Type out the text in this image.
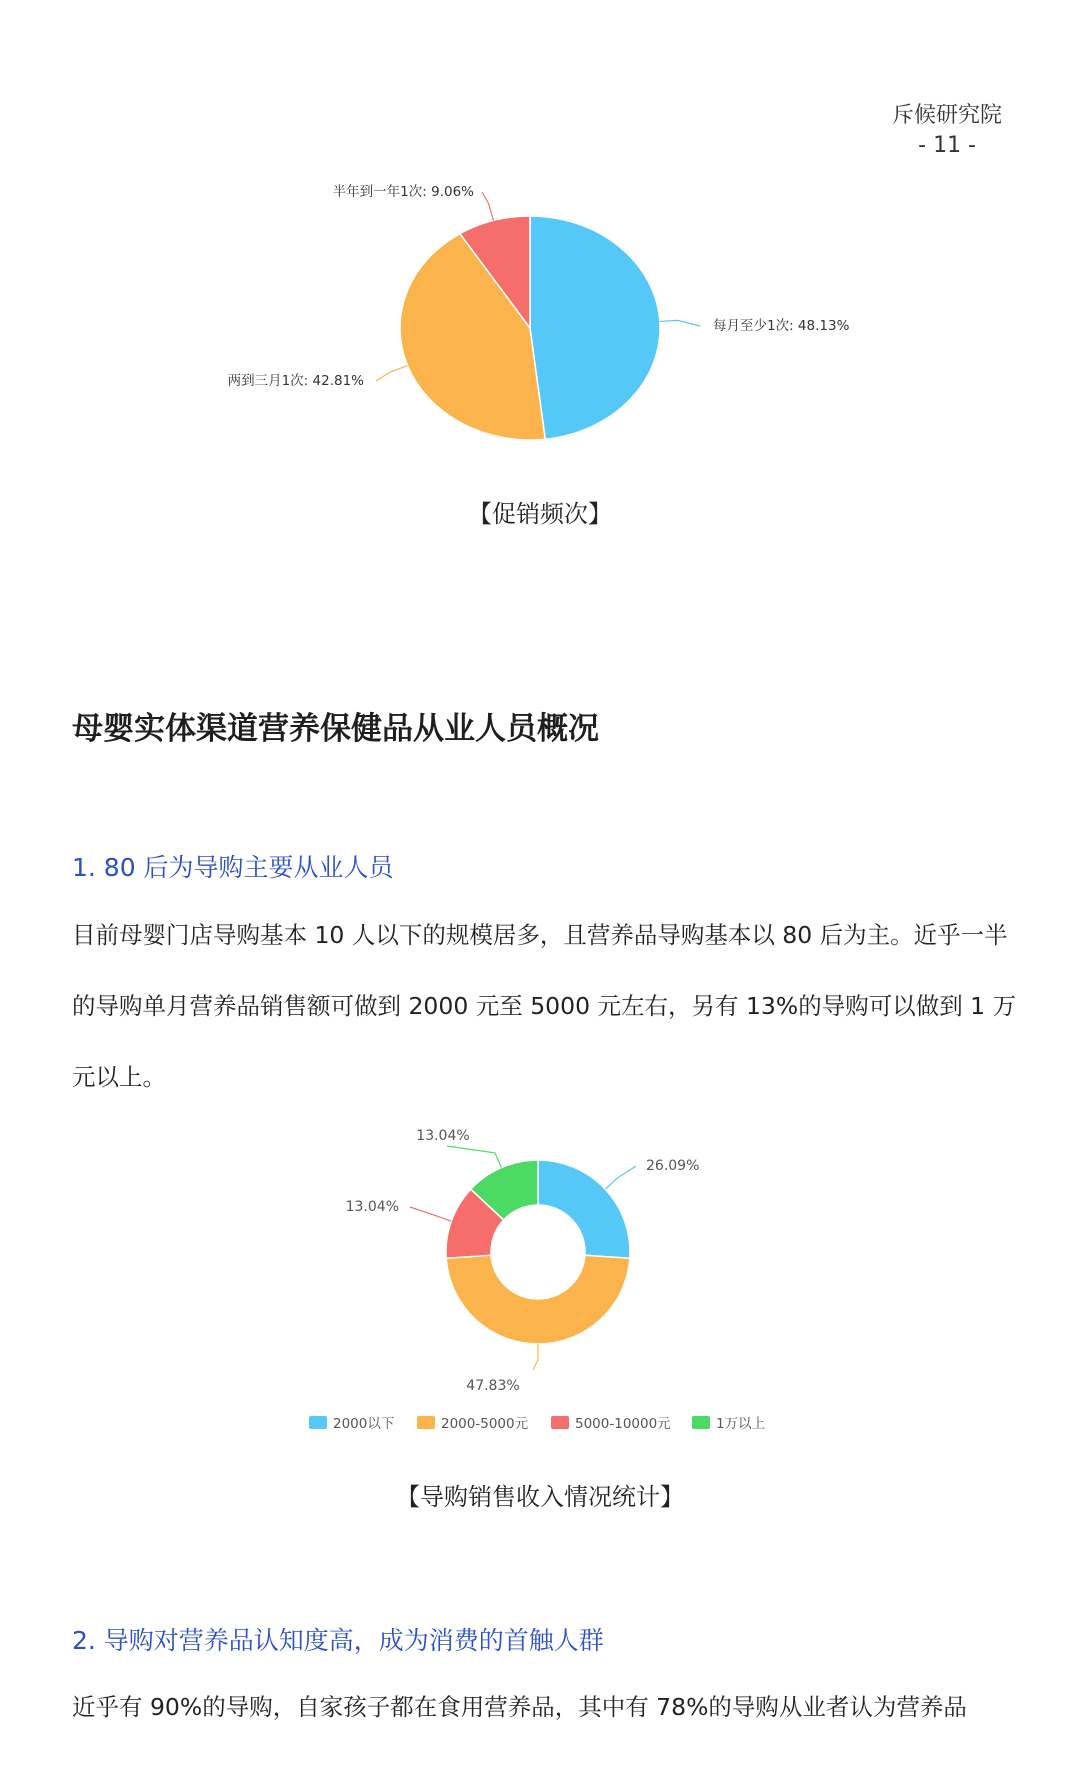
斥候研究院
- 11 -
每月至少1次: 48.13%
两到三月1次: 42.81%
半年到一年1次: 9.06%
【促销频次】
母婴实体渠道营养保健品从业人员概况
1. 80 后为导购主要从业人员
目前母婴门店导购基本 10 人以下的规模居多，且营养品导购基本以 80 后为主。近乎一半
的导购单月营养品销售额可做到 2000 元至 5000 元左右，另有 13%的导购可以做到 1 万
元以上。
26.09%
47.83%
13.04%
13.04%
2000以下	2000-5000元	5000-10000元	1万以上
【导购销售收入情况统计】
2. 导购对营养品认知度高，成为消费的首触人群
近乎有 90%的导购，自家孩子都在食用营养品，其中有 78%的导购从业者认为营养品
